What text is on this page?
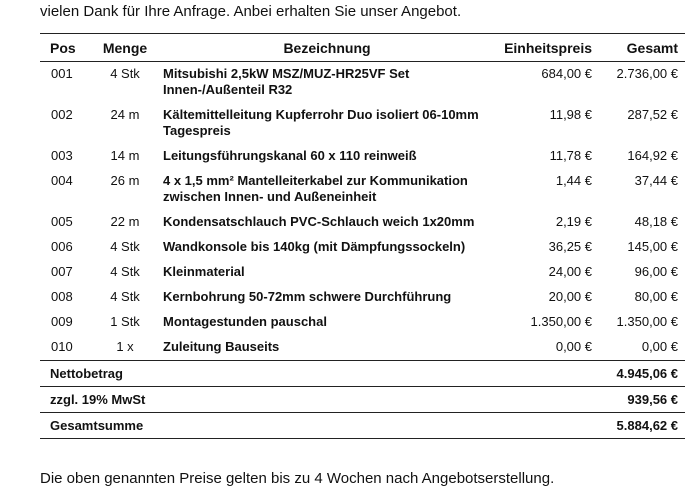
vielen Dank für Ihre Anfrage. Anbei erhalten Sie unser Angebot.
Pos	Menge	Bezeichnung	Einheitspreis	Gesamt
001	4 Stk	Mitsubishi 2,5kW MSZ/MUZ-HR25VF Set Innen-/Außenteil R32	684,00 €	2.736,00 €
002	24 m	Kältemittelleitung Kupferrohr Duo isoliert 06-10mm Tagespreis	11,98 €	287,52 €
003	14 m	Leitungsführungskanal 60 x 110 reinweiß	11,78 €	164,92 €
004	26 m	4 x 1,5 mm² Mantelleiterkabel zur Kommunikation zwischen Innen- und Außeneinheit	1,44 €	37,44 €
005	22 m	Kondensatschlauch PVC-Schlauch weich 1x20mm	2,19 €	48,18 €
006	4 Stk	Wandkonsole bis 140kg (mit Dämpfungssockeln)	36,25 €	145,00 €
007	4 Stk	Kleinmaterial	24,00 €	96,00 €
008	4 Stk	Kernbohrung 50-72mm schwere Durchführung	20,00 €	80,00 €
009	1 Stk	Montagestunden pauschal	1.350,00 €	1.350,00 €
010	1 x	Zuleitung Bauseits	0,00 €	0,00 €
Nettobetrag			4.945,06 €	
zzgl. 19% MwSt			939,56 €	
Gesamtsumme			5.884,62 €	
Die oben genannten Preise gelten bis zu 4 Wochen nach Angebotserstellung.
